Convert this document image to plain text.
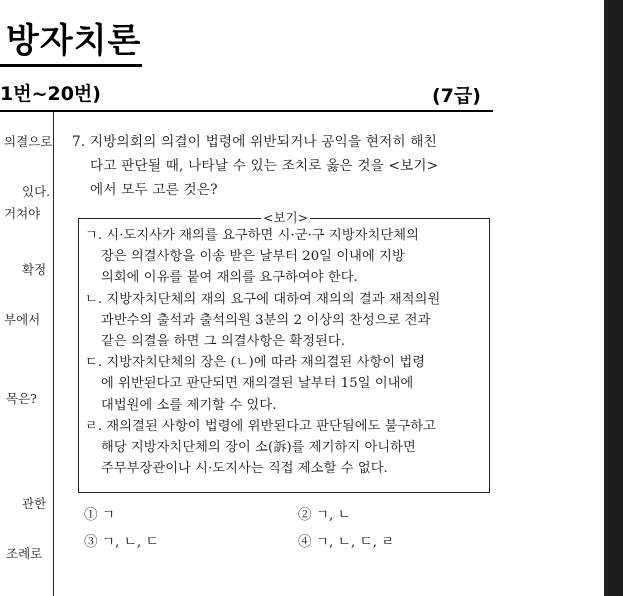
방자치론
1번~20번)	(7급)
의결으로
있다.
거쳐야
확정
부에서
목은?
관한
조례로
7. 지방의회의 의결이 법령에 위반되거나 공익을 현저히 해친
다고 판단될 때, 나타날 수 있는 조치로 옳은 것을 <보기>
에서 모두 고른 것은?
<보기>
ㄱ. 시·도지사가 재의를 요구하면 시·군·구 지방자치단체의
장은 의결사항을 이송 받은 날부터 20일 이내에 지방
의회에 이유를 붙여 재의를 요구하여야 한다.
ㄴ. 지방자치단체의 재의 요구에 대하여 재의의 결과 재적의원
과반수의 출석과 출석의원 3분의 2 이상의 찬성으로 전과
같은 의결을 하면 그 의결사항은 확정된다.
ㄷ. 지방자치단체의 장은 (ㄴ)에 따라 재의결된 사항이 법령
에 위반된다고 판단되면 재의결된 날부터 15일 이내에
대법원에 소를 제기할 수 있다.
ㄹ. 재의결된 사항이 법령에 위반된다고 판단됨에도 불구하고
해당 지방자치단체의 장이 소(訴)를 제기하지 아니하면
주무부장관이나 시·도지사는 직접 제소할 수 없다.
① ㄱ	② ㄱ, ㄴ
③ ㄱ, ㄴ, ㄷ	④ ㄱ, ㄴ, ㄷ, ㄹ
